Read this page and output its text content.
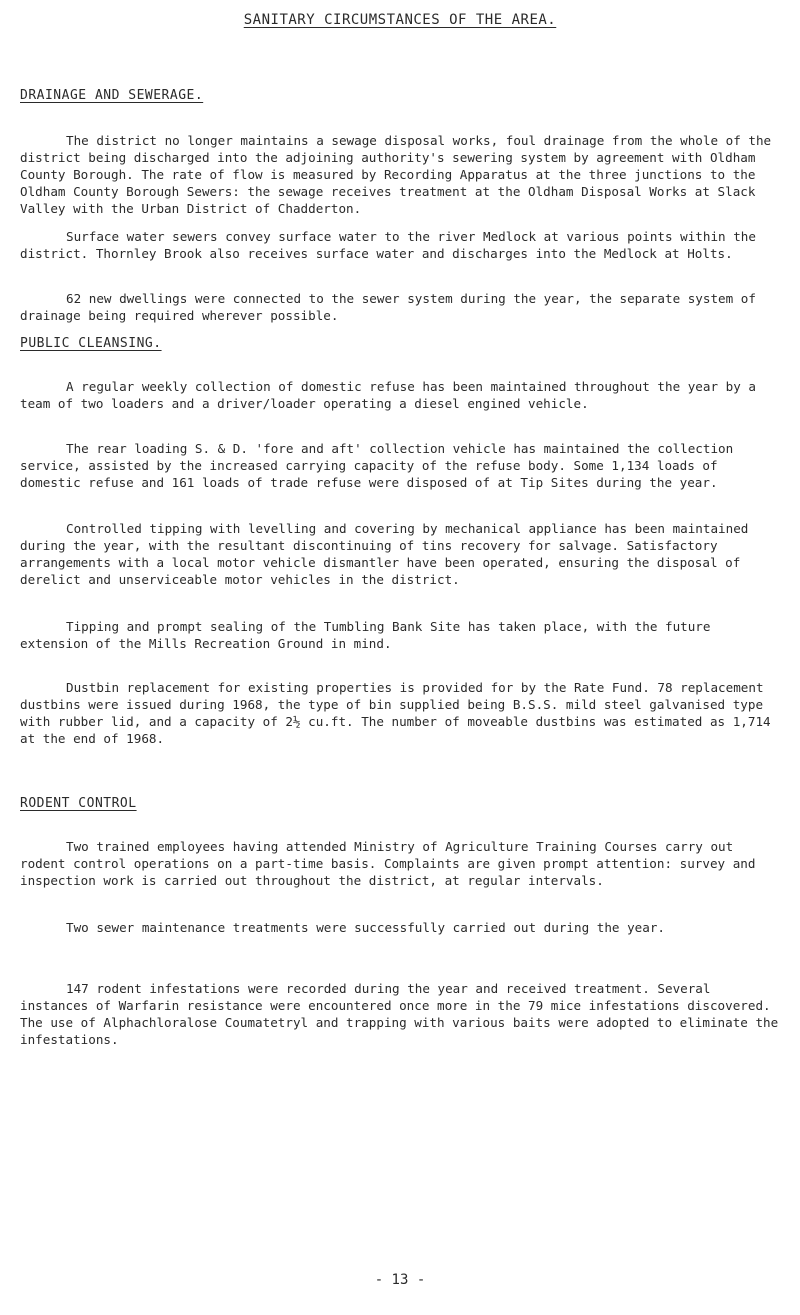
SANITARY CIRCUMSTANCES OF THE AREA.
DRAINAGE AND SEWERAGE.

The district no longer maintains a sewage disposal works, foul drainage from the whole of the district being discharged into the adjoining authority's sewering system by agreement with Oldham County Borough. The rate of flow is measured by Recording Apparatus at the three junctions to the Oldham County Borough Sewers: the sewage receives treatment at the Oldham Disposal Works at Slack Valley with the Urban District of Chadderton.

Surface water sewers convey surface water to the river Medlock at various points within the district. Thornley Brook also receives surface water and discharges into the Medlock at Holts.

62 new dwellings were connected to the sewer system during the year, the separate system of drainage being required wherever possible.

PUBLIC CLEANSING.

A regular weekly collection of domestic refuse has been maintained throughout the year by a team of two loaders and a driver/loader operating a diesel engined vehicle.

The rear loading S. & D. 'fore and aft' collection vehicle has maintained the collection service, assisted by the increased carrying capacity of the refuse body. Some 1,134 loads of domestic refuse and 161 loads of trade refuse were disposed of at Tip Sites during the year.

Controlled tipping with levelling and covering by mechanical appliance has been maintained during the year, with the resultant discontinuing of tins recovery for salvage. Satisfactory arrangements with a local motor vehicle dismantler have been operated, ensuring the disposal of derelict and unserviceable motor vehicles in the district.

Tipping and prompt sealing of the Tumbling Bank Site has taken place, with the future extension of the Mills Recreation Ground in mind.

Dustbin replacement for existing properties is provided for by the Rate Fund. 78 replacement dustbins were issued during 1968, the type of bin supplied being B.S.S. mild steel galvanised type with rubber lid, and a capacity of 2½ cu.ft. The number of moveable dustbins was estimated as 1,714 at the end of 1968.

RODENT CONTROL

Two trained employees having attended Ministry of Agriculture Training Courses carry out rodent control operations on a part-time basis. Complaints are given prompt attention: survey and inspection work is carried out throughout the district, at regular intervals.

Two sewer maintenance treatments were successfully carried out during the year.

147 rodent infestations were recorded during the year and received treatment. Several instances of Warfarin resistance were encountered once more in the 79 mice infestations discovered. The use of Alphachloralose Coumatetryl and trapping with various baits were adopted to eliminate the infestations.

- 13 -
